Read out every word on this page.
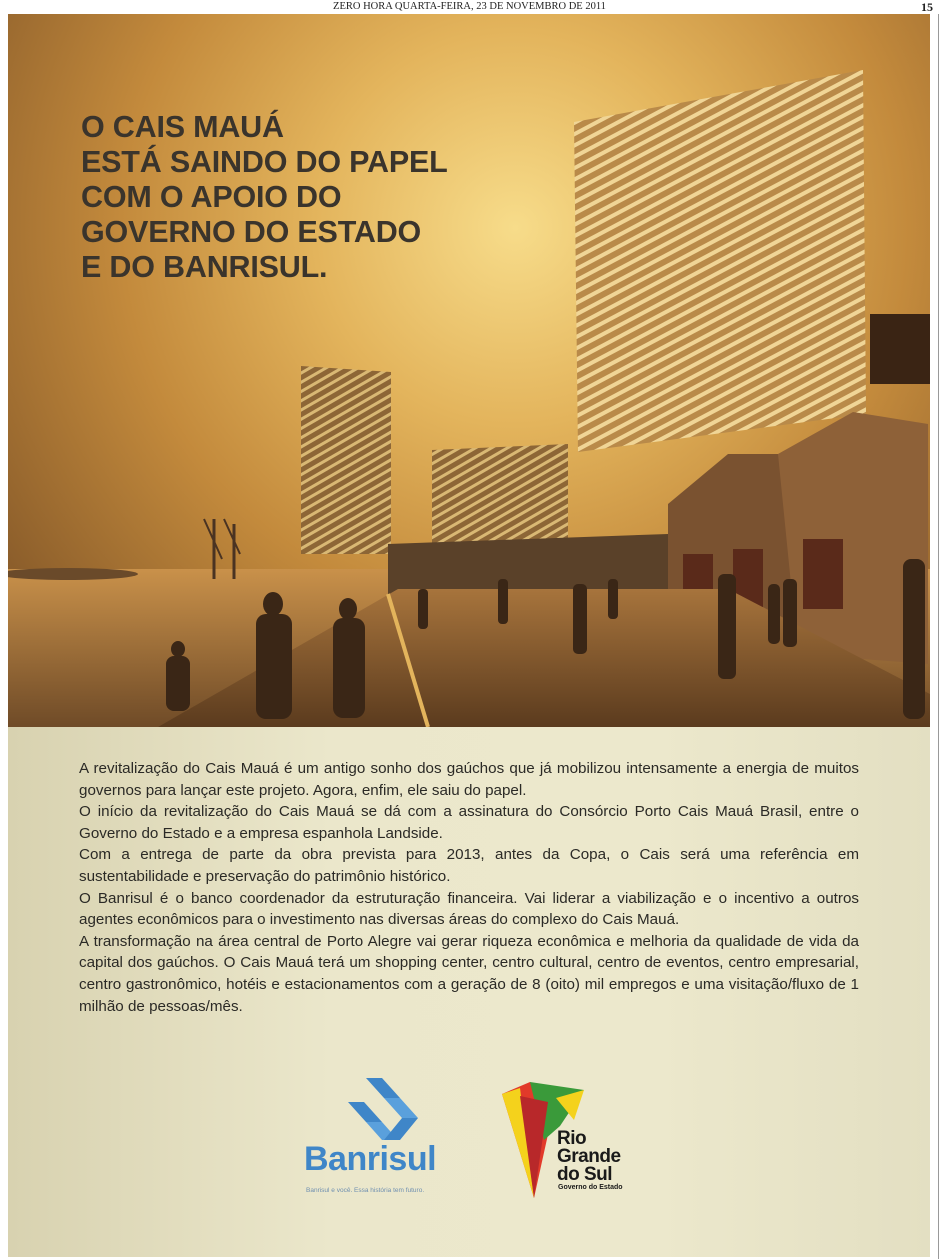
ZERO HORA QUARTA-FEIRA, 23 DE NOVEMBRO DE 2011	15
O CAIS MAUÁ
ESTÁ SAINDO DO PAPEL
COM O APOIO DO
GOVERNO DO ESTADO
E DO BANRISUL.

A revitalização do Cais Mauá é um antigo sonho dos gaúchos que já mobilizou intensamente a energia de muitos governos para lançar este projeto. Agora, enfim, ele saiu do papel.

O início da revitalização do Cais Mauá se dá com a assinatura do Consórcio Porto Cais Mauá Brasil, entre o Governo do Estado e a empresa espanhola Landside.

Com a entrega de parte da obra prevista para 2013, antes da Copa, o Cais será uma referência em sustentabilidade e preservação do patrimônio histórico.

O Banrisul é o banco coordenador da estruturação financeira. Vai liderar a viabilização e o incentivo a outros agentes econômicos para o investimento nas diversas áreas do complexo do Cais Mauá.

A transformação na área central de Porto Alegre vai gerar riqueza econômica e melhoria da qualidade de vida da capital dos gaúchos. O Cais Mauá terá um shopping center, centro cultural, centro de eventos, centro empresarial, centro gastronômico, hotéis e estacionamentos com a geração de 8 (oito) mil empregos e uma visitação/fluxo de 1 milhão de pessoas/mês.

Banrisul
Banrisul e você. Essa história tem futuro.
Rio
Grande
do Sul
Governo do Estado
